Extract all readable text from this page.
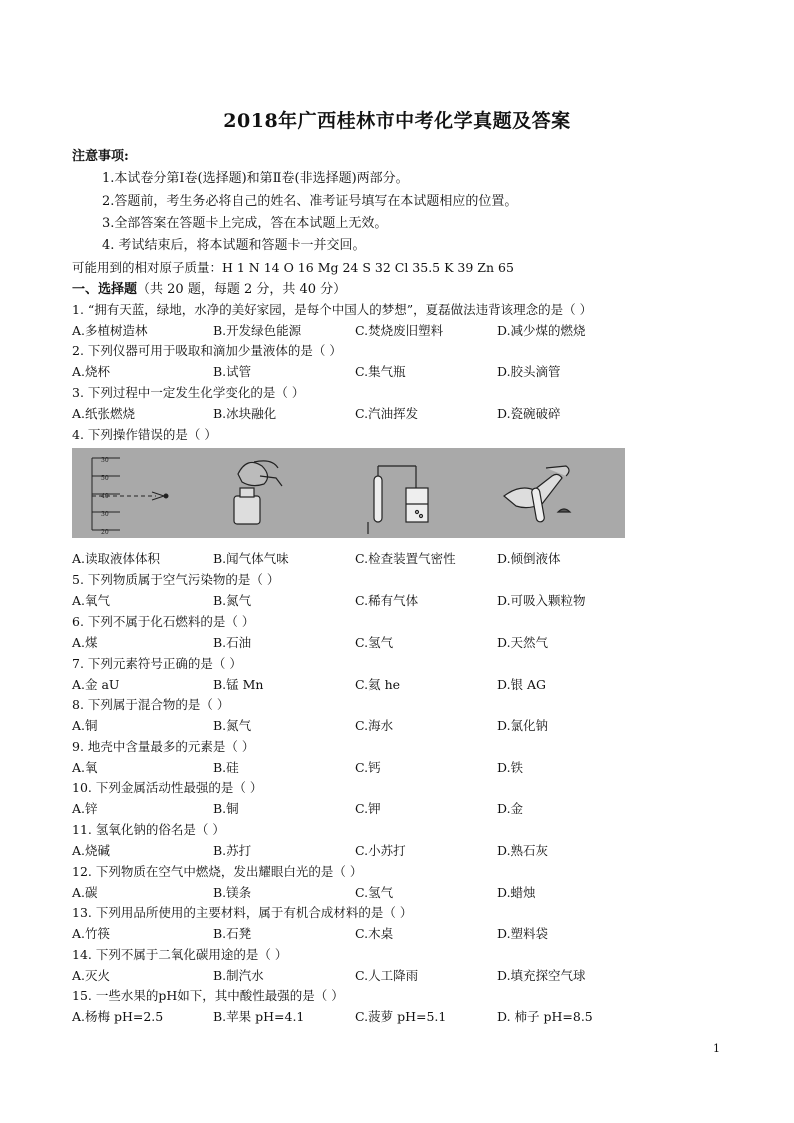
2018年广西桂林市中考化学真题及答案
注意事项:
1.本试卷分第Ⅰ卷(选择题)和第Ⅱ卷(非选择题)两部分。
2.答题前，考生务必将自己的姓名、准考证号填写在本试题相应的位置。
3.全部答案在答题卡上完成，答在本试题上无效。
4. 考试结束后，将本试题和答题卡一并交回。
可能用到的相对原子质量：H 1 N 14 O 16 Mg 24 S 32 Cl 35.5 K 39 Zn 65
一、选择题（共 20 题，每题 2 分，共 40 分）
1. “拥有天蓝，绿地，水净的美好家园，是每个中国人的梦想”，夏磊做法违背该理念的是（ ）
A.多植树造林	B.开发绿色能源	C.焚烧废旧塑料	D.减少煤的燃烧
2. 下列仪器可用于吸取和滴加少量液体的是（ ）
A.烧杯	B.试管	C.集气瓶	D.胶头滴管
3. 下列过程中一定发生化学变化的是（ ）
A.纸张燃烧	B.冰块融化	C.汽油挥发	D.瓷碗破碎
4. 下列操作错误的是（ ）
30
50
40
30
20
A.读取液体体积	B.闻气体气味	C.检查装置气密性	D.倾倒液体
5. 下列物质属于空气污染物的是（ ）
A.氧气	B.氮气	C.稀有气体	D.可吸入颗粒物
6. 下列不属于化石燃料的是（ ）
A.煤	B.石油	C.氢气	D.天然气
7. 下列元素符号正确的是（ ）
A.金 aU	B.锰 Mn	C.氦 he	D.银 AG
8. 下列属于混合物的是（ ）
A.铜	B.氮气	C.海水	D.氯化钠
9. 地壳中含量最多的元素是（ ）
A.氧	B.硅	C.钙	D.铁
10. 下列金属活动性最强的是（ ）
A.锌	B.铜	C.钾	D.金
11. 氢氧化钠的俗名是（ ）
A.烧碱	B.苏打	C.小苏打	D.熟石灰
12. 下列物质在空气中燃烧，发出耀眼白光的是（ ）
A.碳	B.镁条	C.氢气	D.蜡烛
13. 下列用品所使用的主要材料，属于有机合成材料的是（ ）
A.竹筷	B.石凳	C.木桌	D.塑料袋
14. 下列不属于二氧化碳用途的是（ ）
A.灭火	B.制汽水	C.人工降雨	D.填充探空气球
15. 一些水果的pH如下，其中酸性最强的是（ ）
A.杨梅 pH=2.5	B.苹果 pH=4.1	C.菠萝 pH=5.1	D. 柿子 pH=8.5
1
